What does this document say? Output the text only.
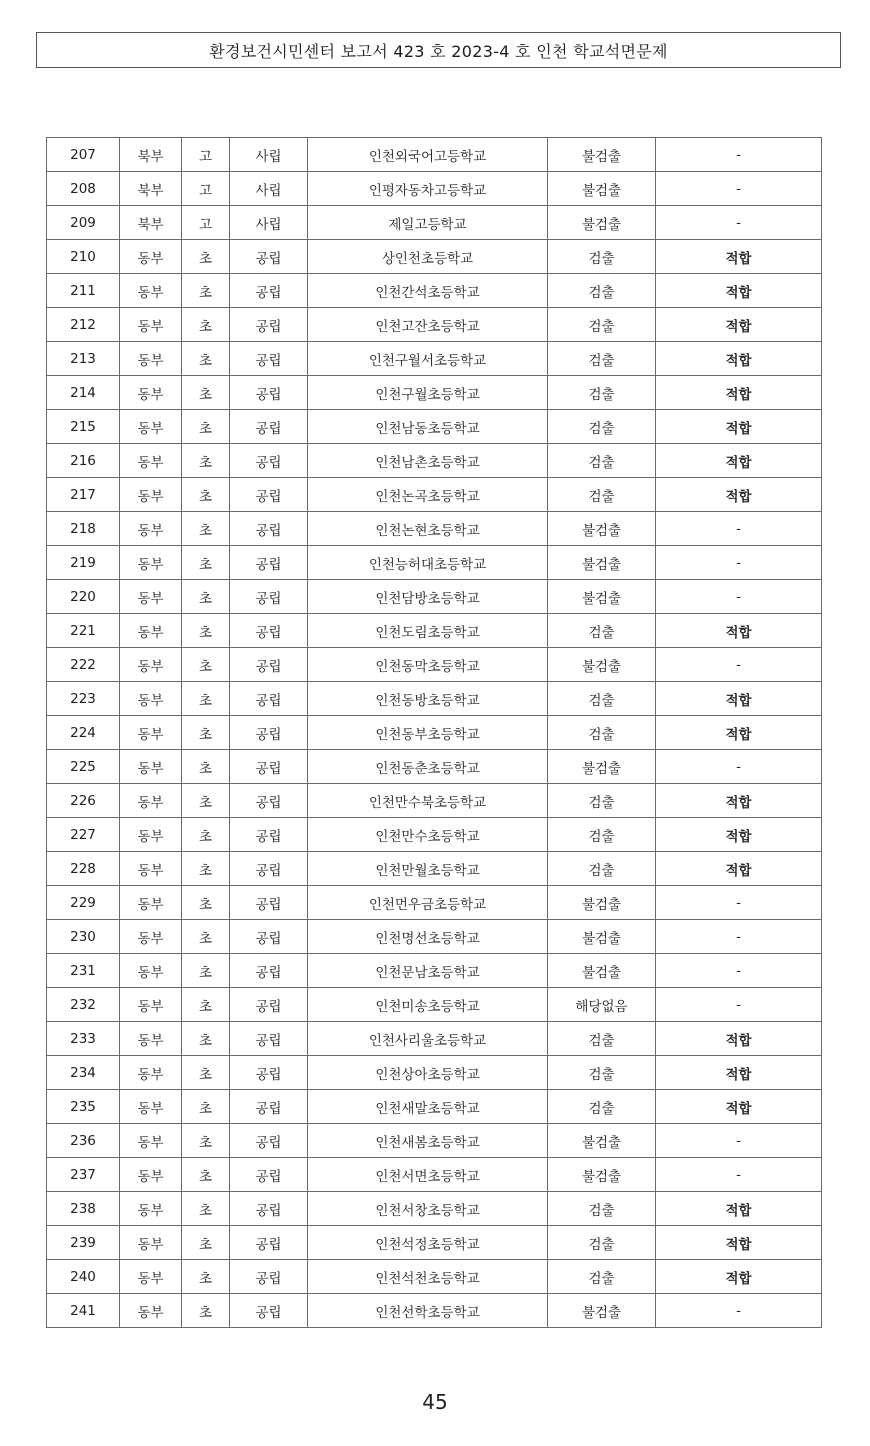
환경보건시민센터 보고서 423 호 2023-4 호 인천 학교석면문제
207	북부	고	사립	인천외국어고등학교	불검출	-
208	북부	고	사립	인평자동차고등학교	불검출	-
209	북부	고	사립	제일고등학교	불검출	-
210	동부	초	공립	상인천초등학교	검출	적합
211	동부	초	공립	인천간석초등학교	검출	적합
212	동부	초	공립	인천고잔초등학교	검출	적합
213	동부	초	공립	인천구월서초등학교	검출	적합
214	동부	초	공립	인천구월초등학교	검출	적합
215	동부	초	공립	인천남동초등학교	검출	적합
216	동부	초	공립	인천남촌초등학교	검출	적합
217	동부	초	공립	인천논곡초등학교	검출	적합
218	동부	초	공립	인천논현초등학교	불검출	-
219	동부	초	공립	인천능허대초등학교	불검출	-
220	동부	초	공립	인천담방초등학교	불검출	-
221	동부	초	공립	인천도림초등학교	검출	적합
222	동부	초	공립	인천동막초등학교	불검출	-
223	동부	초	공립	인천동방초등학교	검출	적합
224	동부	초	공립	인천동부초등학교	검출	적합
225	동부	초	공립	인천동춘초등학교	불검출	-
226	동부	초	공립	인천만수북초등학교	검출	적합
227	동부	초	공립	인천만수초등학교	검출	적합
228	동부	초	공립	인천만월초등학교	검출	적합
229	동부	초	공립	인천먼우금초등학교	불검출	-
230	동부	초	공립	인천명선초등학교	불검출	-
231	동부	초	공립	인천문남초등학교	불검출	-
232	동부	초	공립	인천미송초등학교	해당없음	-
233	동부	초	공립	인천사리울초등학교	검출	적합
234	동부	초	공립	인천상아초등학교	검출	적합
235	동부	초	공립	인천새말초등학교	검출	적합
236	동부	초	공립	인천새봄초등학교	불검출	-
237	동부	초	공립	인천서면초등학교	불검출	-
238	동부	초	공립	인천서창초등학교	검출	적합
239	동부	초	공립	인천석정초등학교	검출	적합
240	동부	초	공립	인천석천초등학교	검출	적합
241	동부	초	공립	인천선학초등학교	불검출	-
45
